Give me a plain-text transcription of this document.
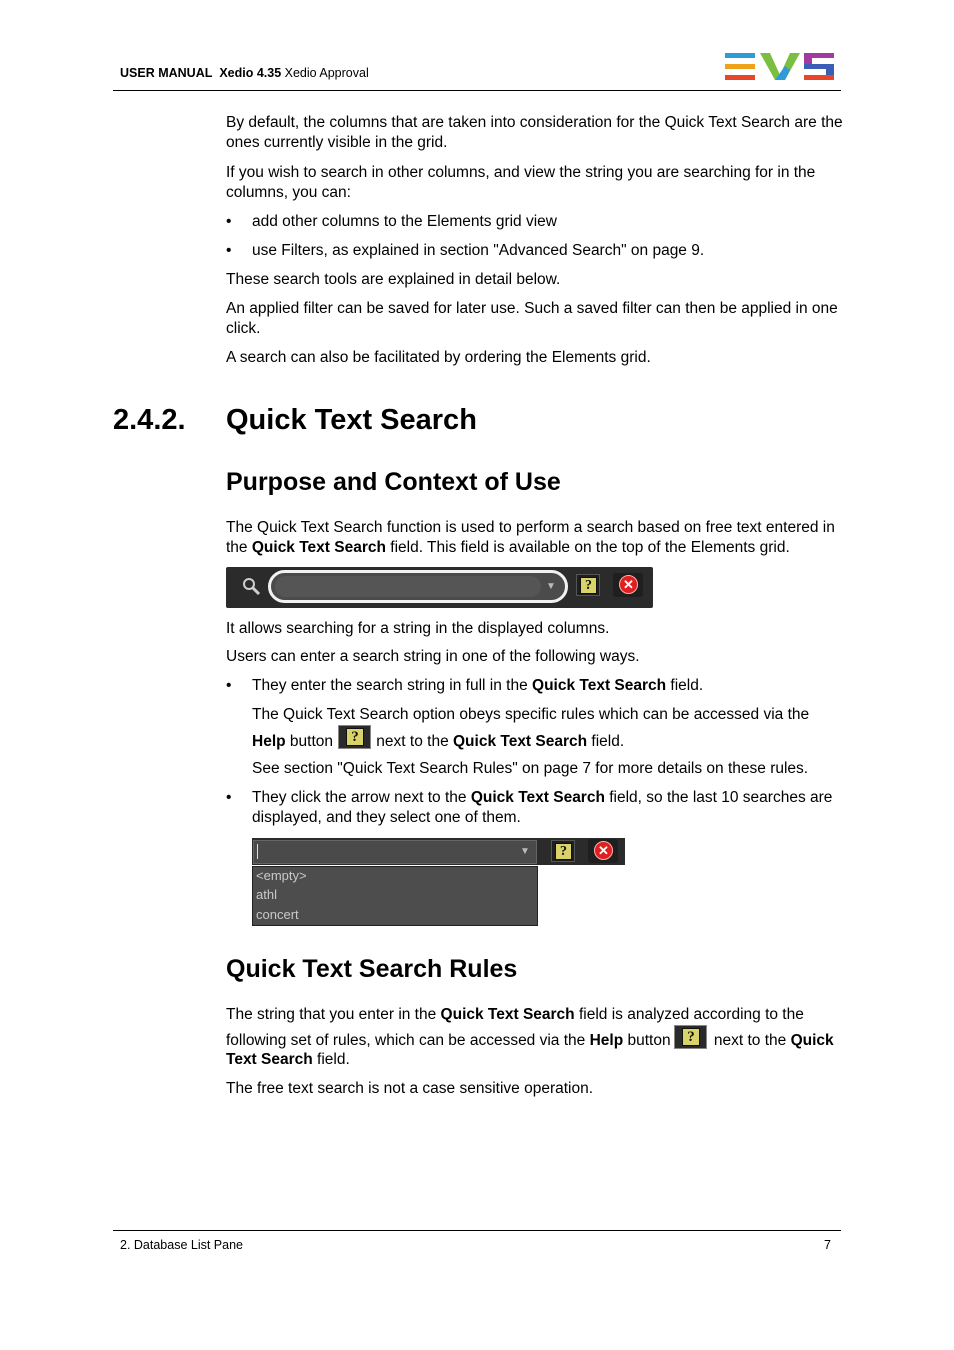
USER MANUAL Xedio 4.35 Xedio Approval

By default, the columns that are taken into consideration for the Quick Text Search are the ones currently visible in the grid.

If you wish to search in other columns, and view the string you are searching for in the columns, you can:

• add other columns to the Elements grid view
• use Filters, as explained in section "Advanced Search" on page 9.

These search tools are explained in detail below.

An applied filter can be saved for later use. Such a saved filter can then be applied in one click.

A search can also be facilitated by ordering the Elements grid.

2.4.2. Quick Text Search
Purpose and Context of Use

The Quick Text Search function is used to perform a search based on free text entered in the Quick Text Search field. This field is available on the top of the Elements grid.

▼	?	✕

It allows searching for a string in the displayed columns.

Users can enter a search string in one of the following ways.

• They enter the search string in full in the Quick Text Search field.

The Quick Text Search option obeys specific rules which can be accessed via the

Help button	next to the Quick Text Search field.
?

See section "Quick Text Search Rules" on page 7 for more details on these rules.

• They click the arrow next to the Quick Text Search field, so the last 10 searches are displayed, and they select one of them.
▼	?	✕
<empty>
athl
concert
Quick Text Search Rules

The string that you enter in the Quick Text Search field is analyzed according to the

following set of rules, which can be accessed via the Help button	next to the Quick
?
Text Search field.

The free text search is not a case sensitive operation.

2. Database List Pane	7
